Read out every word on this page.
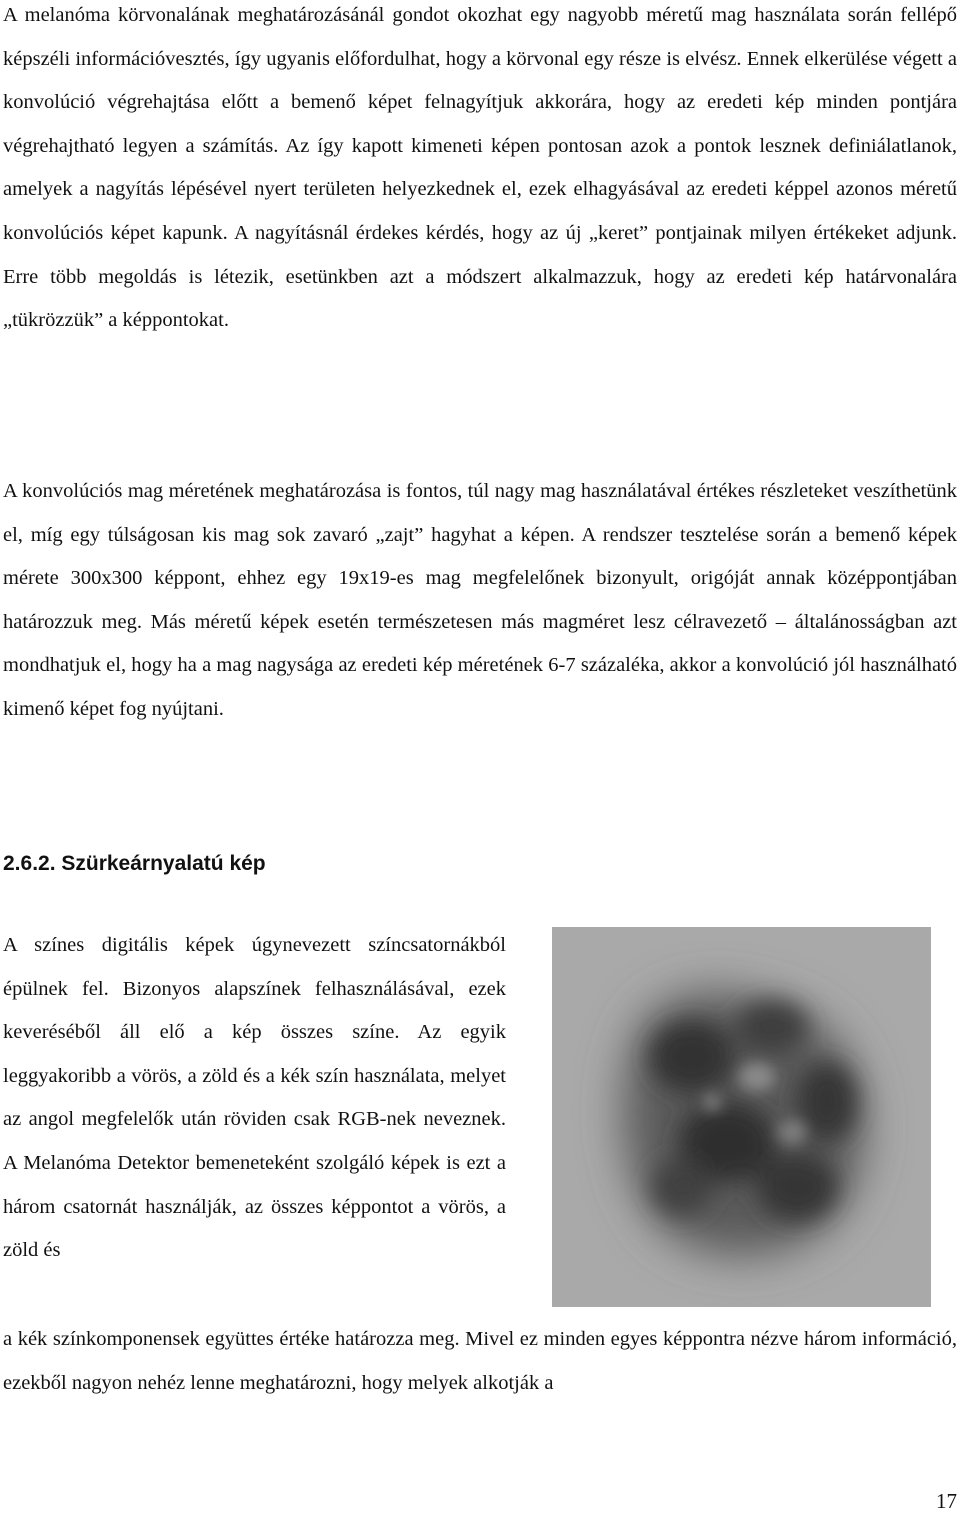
A melanóma körvonalának meghatározásánál gondot okozhat egy nagyobb méretű mag használata során fellépő képszéli információvesztés, így ugyanis előfordulhat, hogy a körvonal egy része is elvész. Ennek elkerülése végett a konvolúció végrehajtása előtt a bemenő képet felnagyítjuk akkorára, hogy az eredeti kép minden pontjára végrehajtható legyen a számítás. Az így kapott kimeneti képen pontosan azok a pontok lesznek definiálatlanok, amelyek a nagyítás lépésével nyert területen helyezkednek el, ezek elhagyásával az eredeti képpel azonos méretű konvolúciós képet kapunk. A nagyításnál érdekes kérdés, hogy az új „keret” pontjainak milyen értékeket adjunk. Erre több megoldás is létezik, esetünkben azt a módszert alkalmazzuk, hogy az eredeti kép határvonalára „tükrözzük” a képpontokat.

A konvolúciós mag méretének meghatározása is fontos, túl nagy mag használatával értékes részleteket veszíthetünk el, míg egy túlságosan kis mag sok zavaró „zajt” hagyhat a képen. A rendszer tesztelése során a bemenő képek mérete 300x300 képpont, ehhez egy 19x19-es mag megfelelőnek bizonyult, origóját annak középpontjában határozzuk meg. Más méretű képek esetén természetesen más magméret lesz célravezető – általánosságban azt mondhatjuk el, hogy ha a mag nagysága az eredeti kép méretének 6-7 százaléka, akkor a konvolúció jól használható kimenő képet fog nyújtani.

2.6.2. Szürkeárnyalatú kép

A színes digitális képek úgynevezett színcsatornákból épülnek fel. Bizonyos alapszínek felhasználásával, ezek keveréséből áll elő a kép összes színe. Az egyik leggyakoribb a vörös, a zöld és a kék szín használata, melyet az angol megfelelők után röviden csak RGB-nek neveznek. A Melanóma Detektor bemeneteként szolgáló képek is ezt a három csatornát használják, az összes képpontot a vörös, a zöld és

a kék színkomponensek együttes értéke határozza meg. Mivel ez minden egyes képpontra nézve három információ, ezekből nagyon nehéz lenne meghatározni, hogy melyek alkotják a

17
